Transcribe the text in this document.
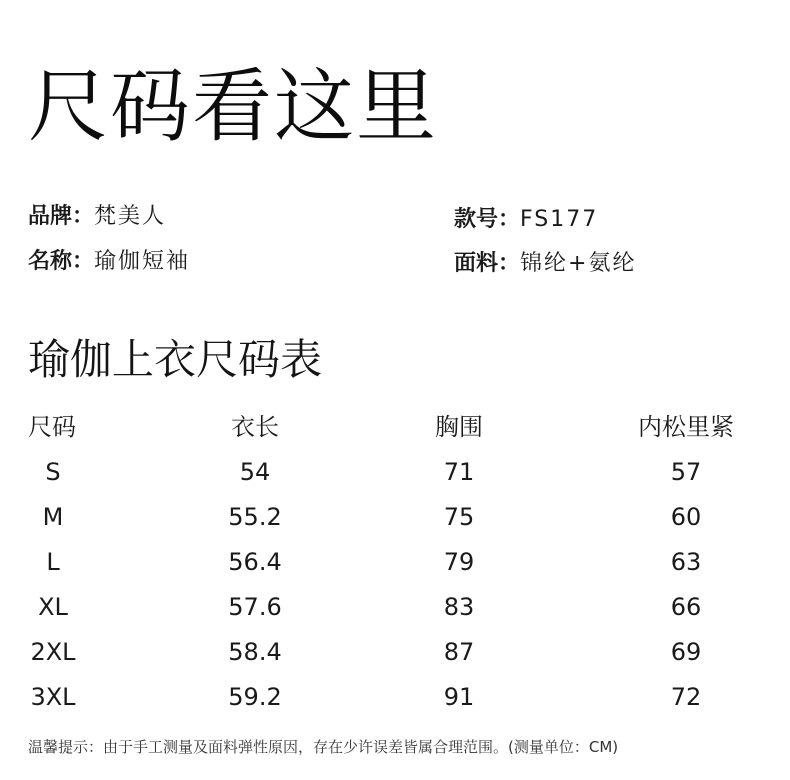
尺码看这里
品牌：梵美人
名称：瑜伽短袖
款号：FS177
面料：锦纶+氨纶
瑜伽上衣尺码表
尺码	衣长	胸围	内松里紧
S	54	71	57
M	55.2	75	60
L	56.4	79	63
XL	57.6	83	66
2XL	58.4	87	69
3XL	59.2	91	72
温馨提示：由于手工测量及面料弹性原因，存在少许误差皆属合理范围。(测量单位：CM)
